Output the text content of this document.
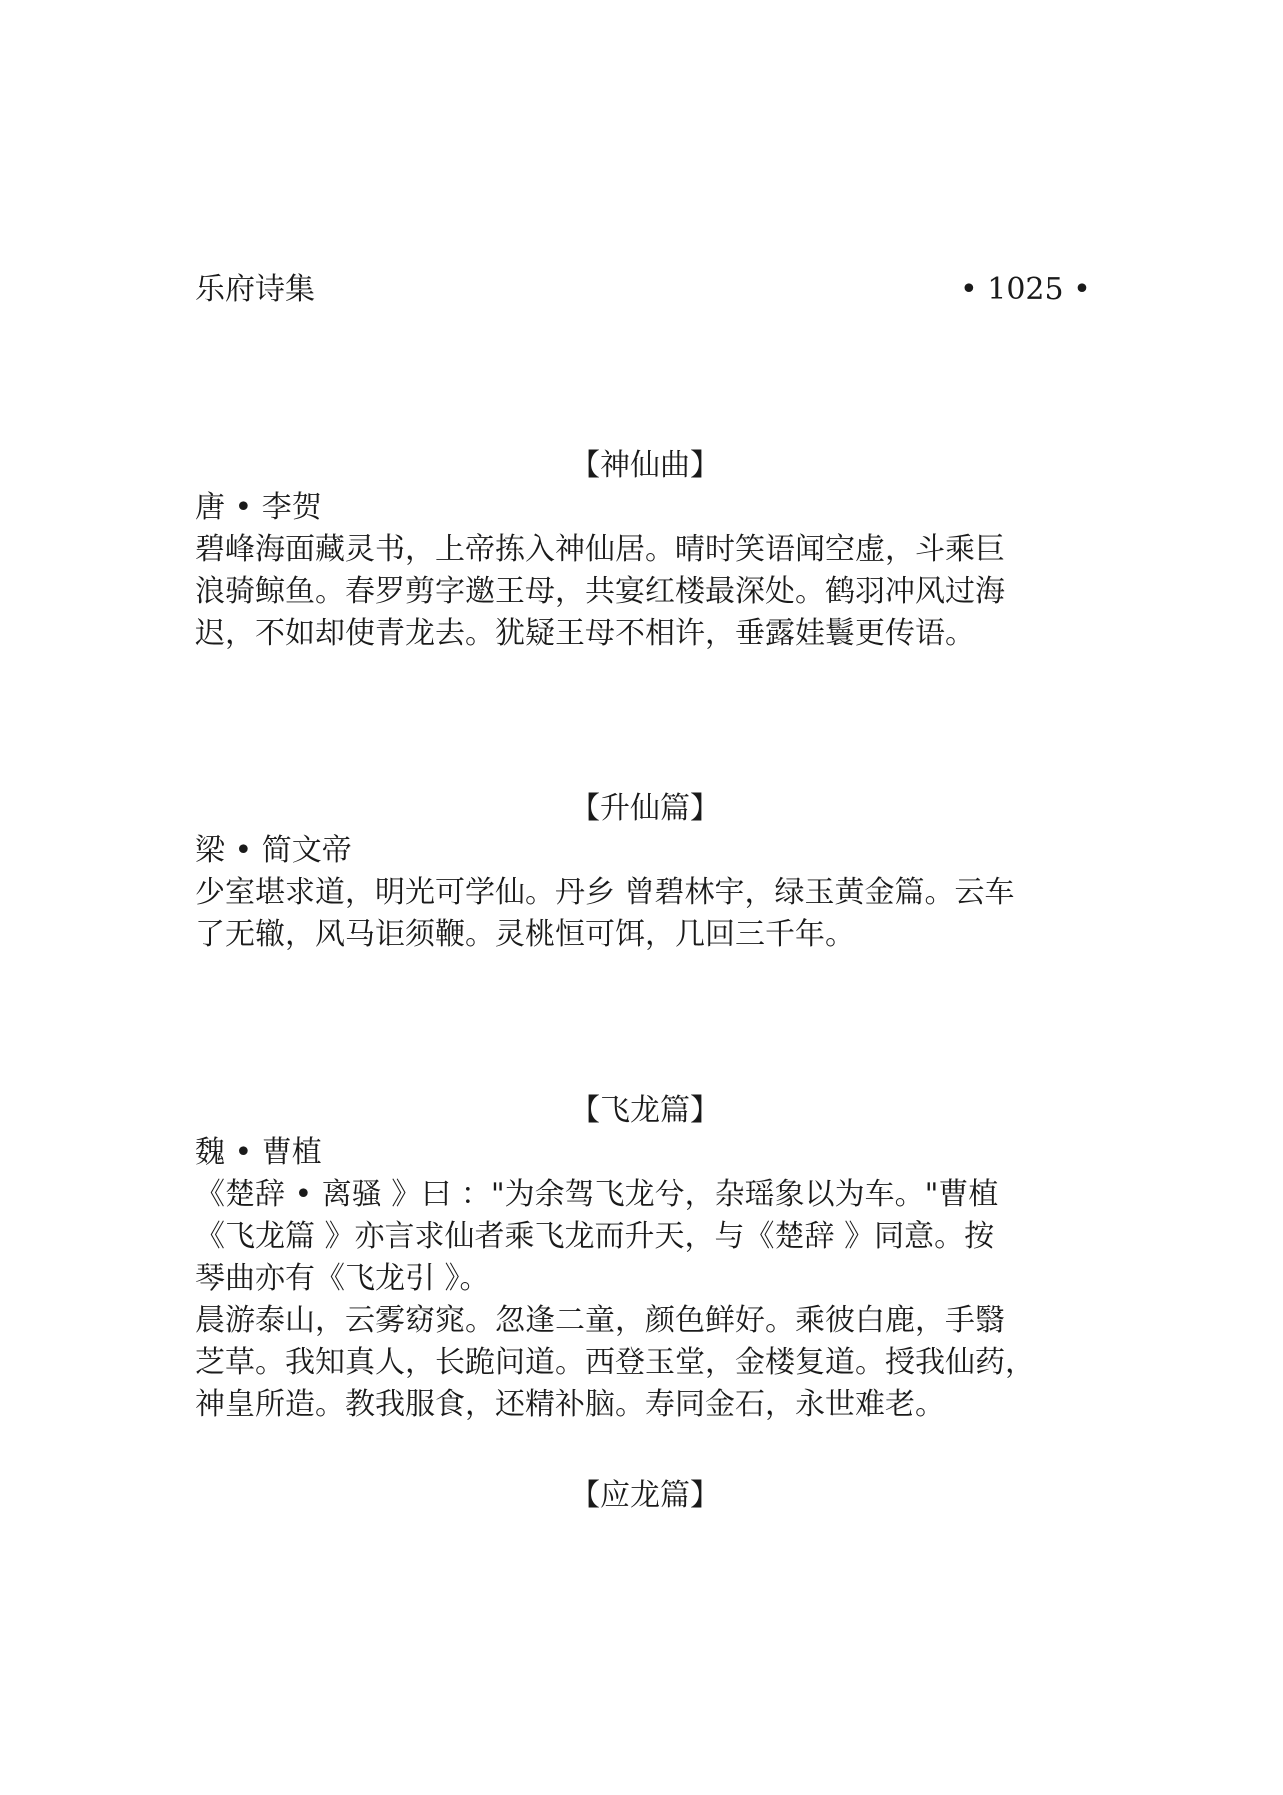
乐府诗集	• 1025 •
【神仙曲】
唐 • 李贺
碧峰海面藏灵书，上帝拣入神仙居。晴时笑语闻空虚，斗乘巨
浪骑鲸鱼。春罗剪字邀王母，共宴红楼最深处。鹤羽冲风过海
迟，不如却使青龙去。犹疑王母不相许，垂露娃鬟更传语。
【升仙篇】
梁 • 简文帝
少室堪求道，明光可学仙。丹乡 曾碧林宇，绿玉黄金篇。云车
了无辙，风马讵须鞭。灵桃恒可饵，几回三千年。
【飞龙篇】
魏 • 曹植
《楚辞 • 离骚 》曰 ："为余驾飞龙兮，杂瑶象以为车。"曹植
《飞龙篇 》亦言求仙者乘飞龙而升天，与《楚辞 》同意。按
琴曲亦有《飞龙引 》。
晨游泰山，云雾窈窕。忽逢二童，颜色鲜好。乘彼白鹿，手翳
芝草。我知真人，长跪问道。西登玉堂，金楼复道。授我仙药，
神皇所造。教我服食，还精补脑。寿同金石，永世难老。
【应龙篇】
